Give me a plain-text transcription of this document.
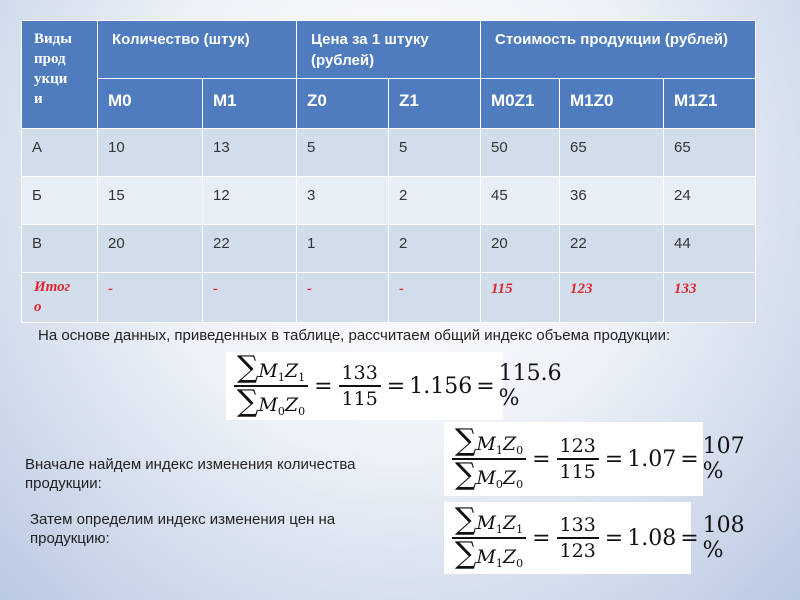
Виды
прод
укци
и	Количество (штук)		Цена за 1 штуку (рублей)		Стоимость продукции (рублей)		

	M0	M1	Z0	Z1	M0Z1	M1Z0	M1Z1

А	10	13	5	5	50	65	65

Б	15	12	3	2	45	36	24

В	20	22	1	2	20	22	44

Итог
о	-	-	-	-	115	123	133
На основе данных, приведенных в таблице, рассчитаем общий индекс объема продукции:
$\frac{\sum M_1Z_1}{\sum M_0Z_0} = \frac{133}{115} = 1.156 = 115.6$ %
Вначале найдем индекс изменения количества продукции:	$\frac{\sum M_1Z_0}{\sum M_0Z_0} = \frac{123}{115} = 1.07 = 107$ %
Затем определим индекс изменения цен на продукцию:	$\frac{\sum M_1Z_1}{\sum M_1Z_0} = \frac{133}{123} = 1.08 = 108$ %
